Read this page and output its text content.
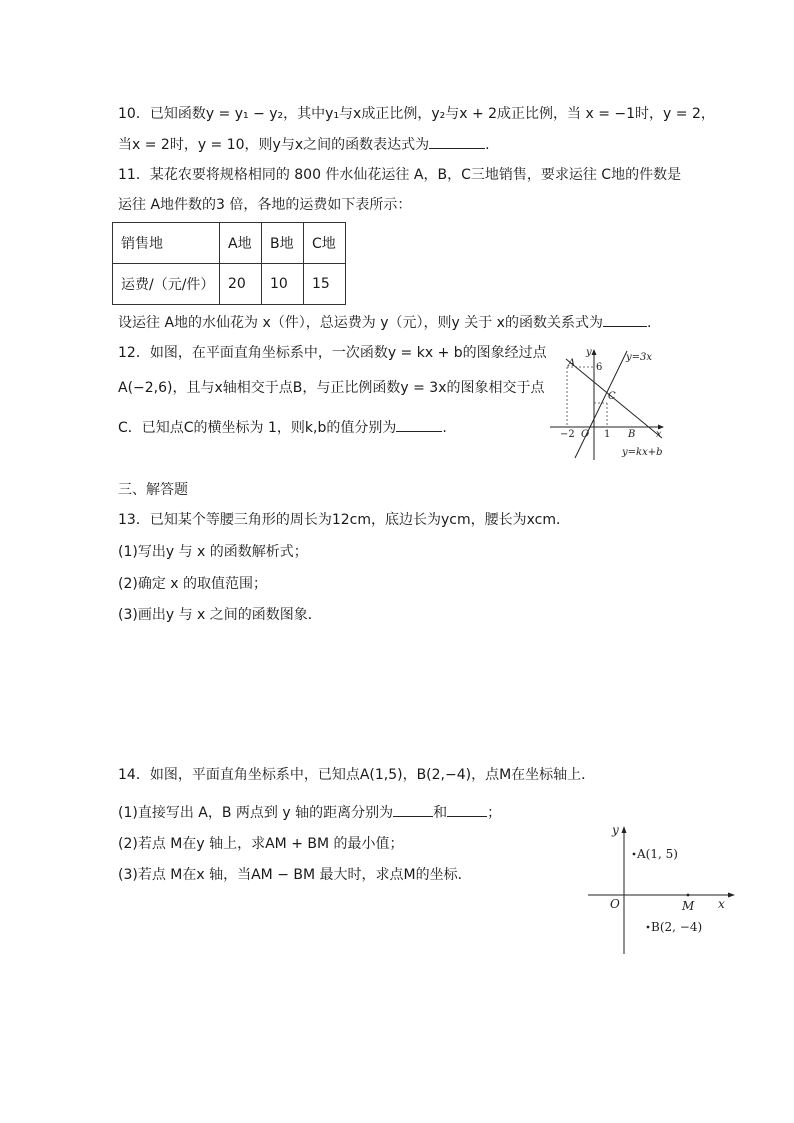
10．已知函数y = y₁ − y₂，其中y₁与x成正比例，y₂与x + 2成正比例，当 x = −1时，y = 2，
当x = 2时，y = 10，则y与x之间的函数表达式为	.
11．某花农要将规格相同的 800 件水仙花运往 A，B，C三地销售，要求运往 C地的件数是
运往 A地件数的3 倍，各地的运费如下表所示：
销售地	A地	B地	C地
运费/（元/件）	20	10	15
设运往 A地的水仙花为 x（件），总运费为 y（元），则y 关于 x的函数关系式为	.
12．如图，在平面直角坐标系中，一次函数y = kx + b的图象经过点
A(−2,6)，且与x轴相交于点B，与正比例函数y = 3x的图象相交于点
C．已知点C的横坐标为 1，则k,b的值分别为	.
y=3x
y=kx+b
y
x
O
A
B
C
6
−2	1
三、解答题
13．已知某个等腰三角形的周长为12cm，底边长为ycm，腰长为xcm．
(1)写出y 与 x 的函数解析式；
(2)确定 x 的取值范围；
(3)画出y 与 x 之间的函数图象．
14．如图，平面直角坐标系中，已知点A(1,5)，B(2,−4)，点M在坐标轴上．
(1)直接写出 A，B 两点到 y 轴的距离分别为	和	；
(2)若点 M在y 轴上，求AM + BM 的最小值；
(3)若点 M在x 轴，当AM − BM 最大时，求点M的坐标．
y
x
O	M
A(1, 5)
B(2, −4)
